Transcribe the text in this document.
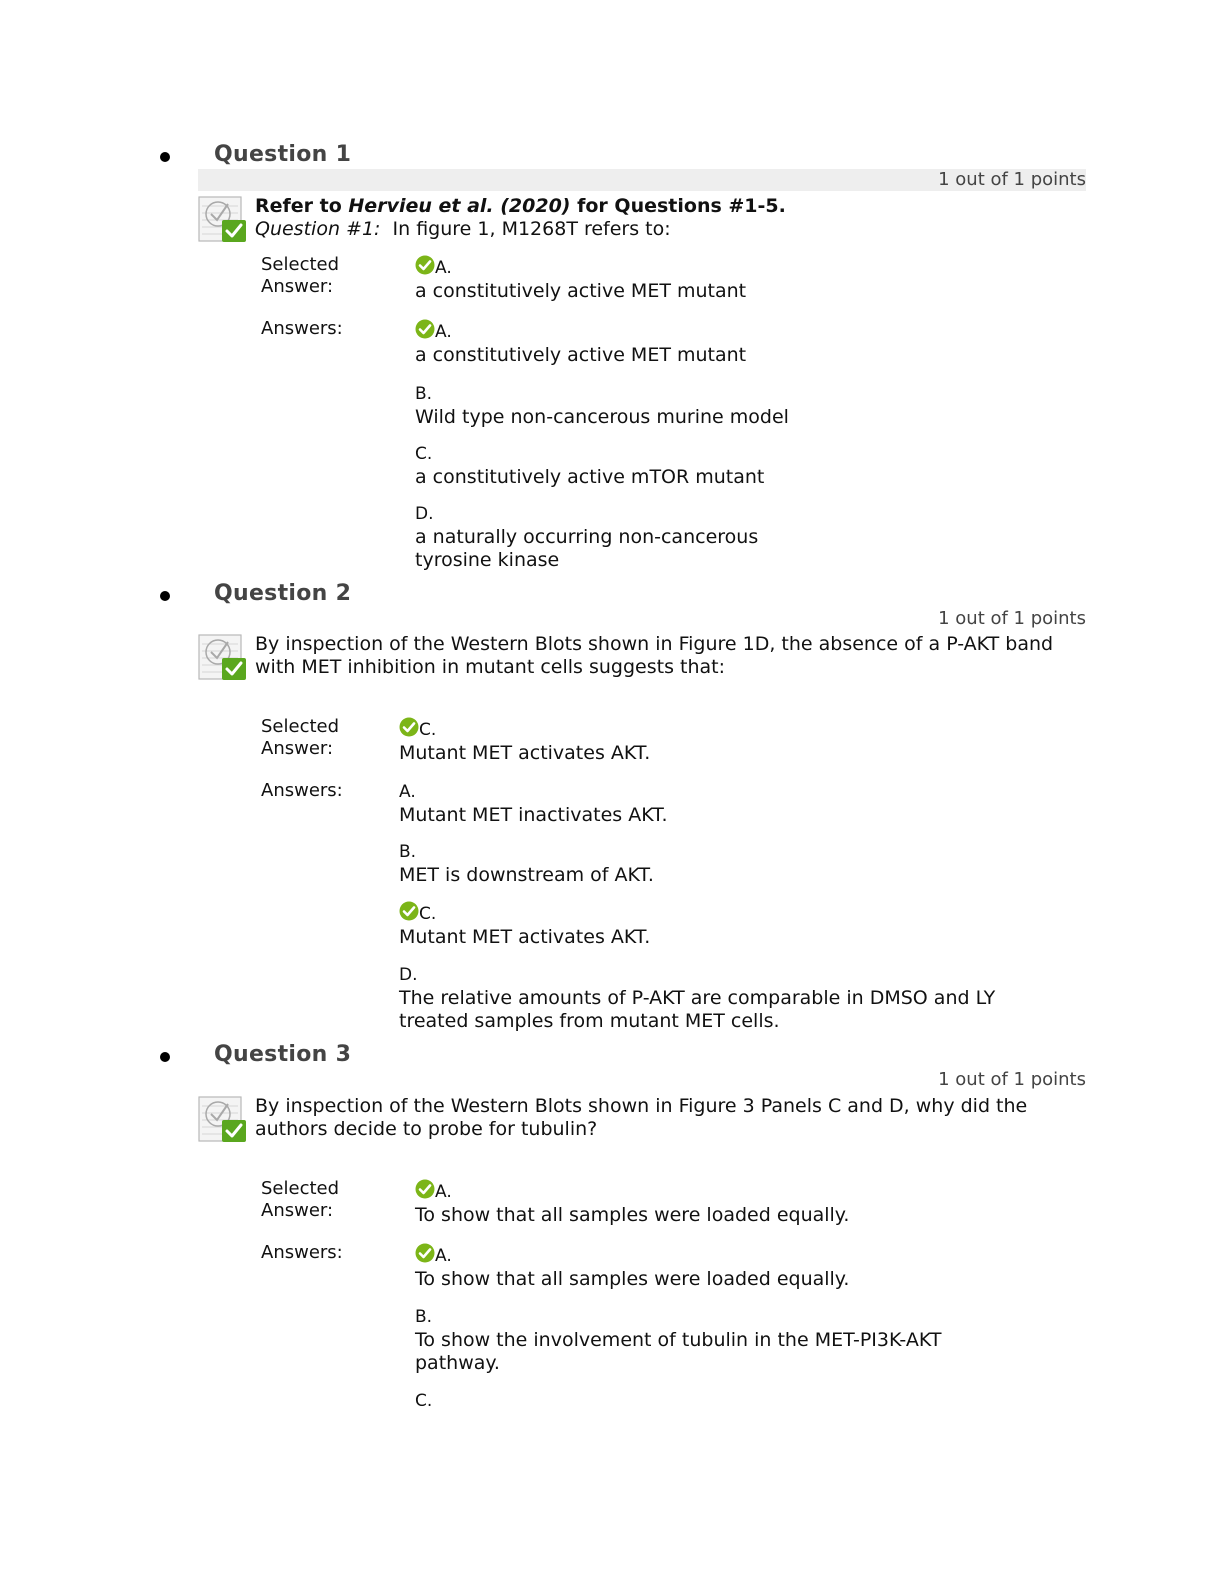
Question 1
1 out of 1 points
Refer to Hervieu et al. (2020) for Questions #1-5.
Question #1: In figure 1, M1268T refers to:
Selected
Answer:
A.
a constitutively active MET mutant
Answers:	A.
a constitutively active MET mutant
B.
Wild type non-cancerous murine model
C.
a constitutively active mTOR mutant
D.
a naturally occurring non-cancerous
tyrosine kinase
Question 2
1 out of 1 points
By inspection of the Western Blots shown in Figure 1D, the absence of a P-AKT band
with MET inhibition in mutant cells suggests that:
Selected
Answer:
C.
Mutant MET activates AKT.
Answers:	A.
Mutant MET inactivates AKT.
B.
MET is downstream of AKT.
C.
Mutant MET activates AKT.
D.
The relative amounts of P-AKT are comparable in DMSO and LY
treated samples from mutant MET cells.
Question 3
1 out of 1 points
By inspection of the Western Blots shown in Figure 3 Panels C and D, why did the
authors decide to probe for tubulin?
Selected
Answer:
A.
To show that all samples were loaded equally.
Answers:	A.
To show that all samples were loaded equally.
B.
To show the involvement of tubulin in the MET-PI3K-AKT
pathway.
C.
